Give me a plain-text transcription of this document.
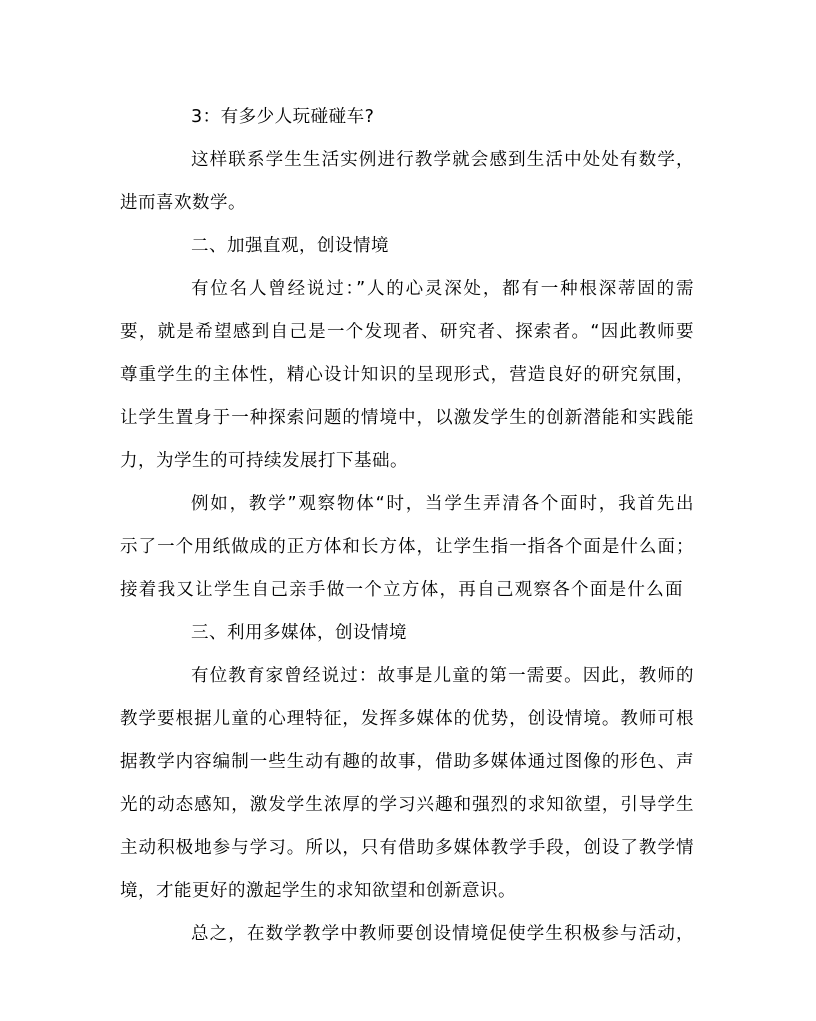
3：有多少人玩碰碰车?
这样联系学生生活实例进行教学就会感到生活中处处有数学，
进而喜欢数学。
二、加强直观，创设情境
有位名人曾经说过：”人的心灵深处，都有一种根深蒂固的需
要，就是希望感到自己是一个发现者、研究者、探索者。“因此教师要
尊重学生的主体性，精心设计知识的呈现形式，营造良好的研究氛围，
让学生置身于一种探索问题的情境中，以激发学生的创新潜能和实践能
力，为学生的可持续发展打下基础。
例如，教学”观察物体“时，当学生弄清各个面时，我首先出
示了一个用纸做成的正方体和长方体，让学生指一指各个面是什么面；
接着我又让学生自己亲手做一个立方体，再自己观察各个面是什么面
三、利用多媒体，创设情境
有位教育家曾经说过：故事是儿童的第一需要。因此，教师的
教学要根据儿童的心理特征，发挥多媒体的优势，创设情境。教师可根
据教学内容编制一些生动有趣的故事，借助多媒体通过图像的形色、声
光的动态感知，激发学生浓厚的学习兴趣和强烈的求知欲望，引导学生
主动积极地参与学习。所以，只有借助多媒体教学手段，创设了教学情
境，才能更好的激起学生的求知欲望和创新意识。
总之，在数学教学中教师要创设情境促使学生积极参与活动，
